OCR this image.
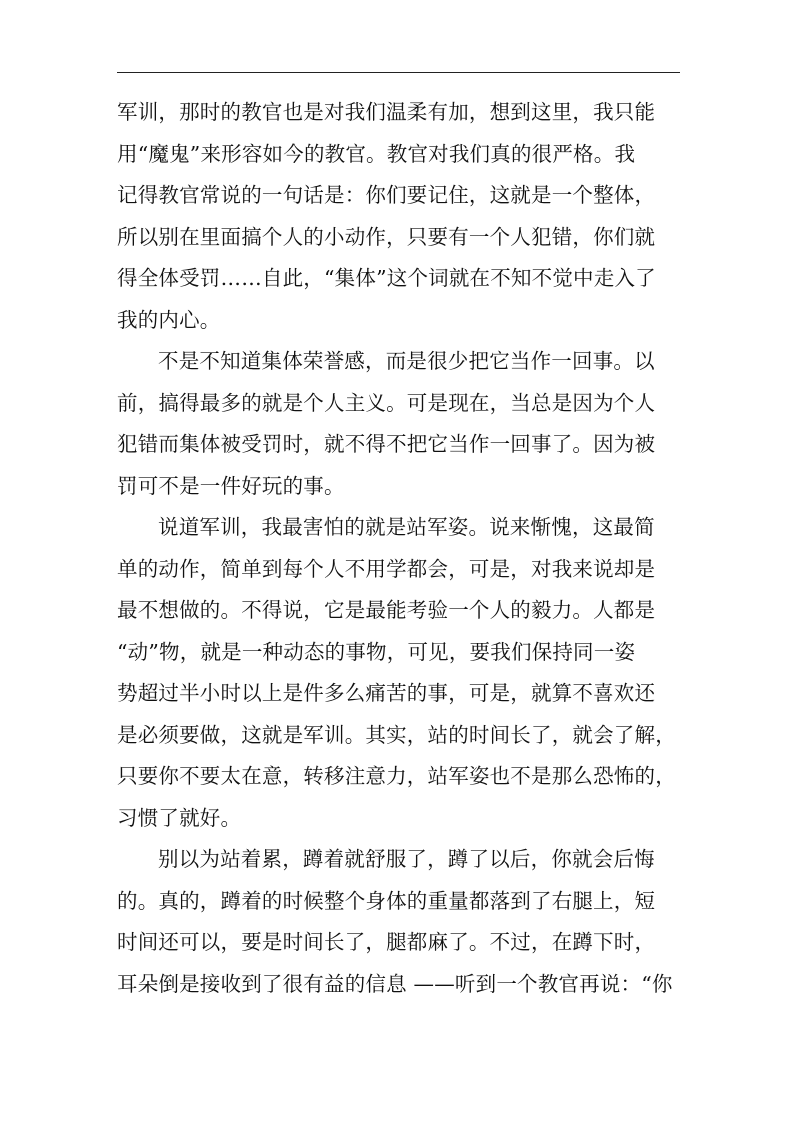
军训，那时的教官也是对我们温柔有加，想到这里，我只能
用“魔鬼”来形容如今的教官。教官对我们真的很严格。我
记得教官常说的一句话是：你们要记住，这就是一个整体，
所以别在里面搞个人的小动作，只要有一个人犯错，你们就
得全体受罚……自此，“集体”这个词就在不知不觉中走入了
我的内心。
不是不知道集体荣誉感，而是很少把它当作一回事。以
前，搞得最多的就是个人主义。可是现在，当总是因为个人
犯错而集体被受罚时，就不得不把它当作一回事了。因为被
罚可不是一件好玩的事。
说道军训，我最害怕的就是站军姿。说来惭愧，这最简
单的动作，简单到每个人不用学都会，可是，对我来说却是
最不想做的。不得说，它是最能考验一个人的毅力。人都是
“动”物，就是一种动态的事物，可见，要我们保持同一姿
势超过半小时以上是件多么痛苦的事，可是，就算不喜欢还
是必须要做，这就是军训。其实，站的时间长了，就会了解，
只要你不要太在意，转移注意力，站军姿也不是那么恐怖的，
习惯了就好。
别以为站着累，蹲着就舒服了，蹲了以后，你就会后悔
的。真的，蹲着的时候整个身体的重量都落到了右腿上，短
时间还可以，要是时间长了，腿都麻了。不过，在蹲下时，
耳朵倒是接收到了很有益的信息 ——听到一个教官再说：“你
